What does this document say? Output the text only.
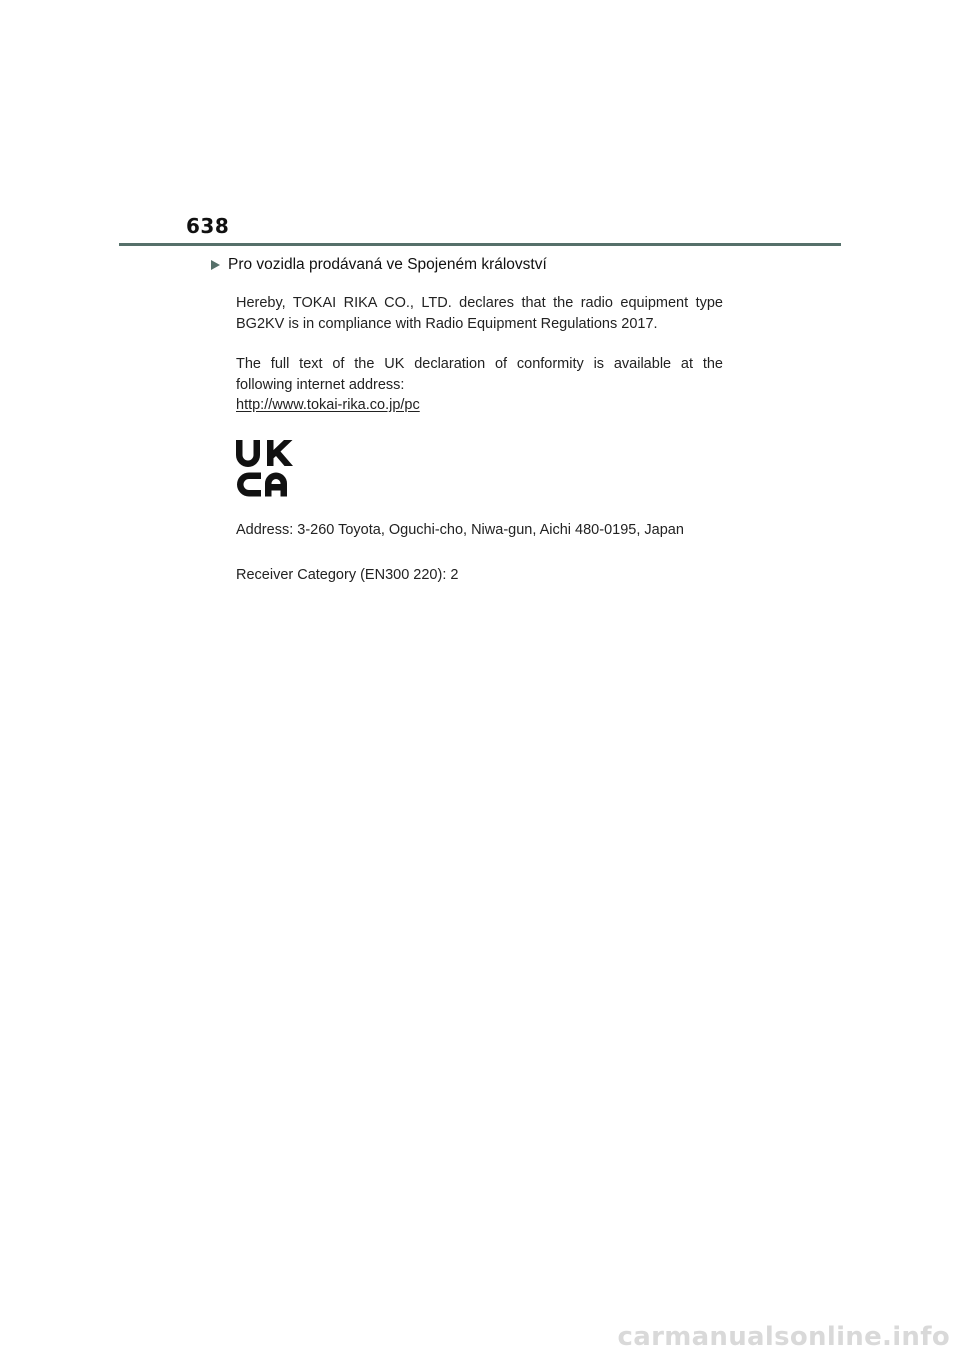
638
Pro vozidla prodávaná ve Spojeném království

Hereby, TOKAI RIKA CO., LTD. declares that the radio equipment type
BG2KV is in compliance with Radio Equipment Regulations 2017.

The full text of the UK declaration of conformity is available at the
following internet address:

http://www.tokai-rika.co.jp/pc
Address: 3-260 Toyota, Oguchi-cho, Niwa-gun, Aichi 480-0195, Japan
Receiver Category (EN300 220): 2
carmanualsonline.info
